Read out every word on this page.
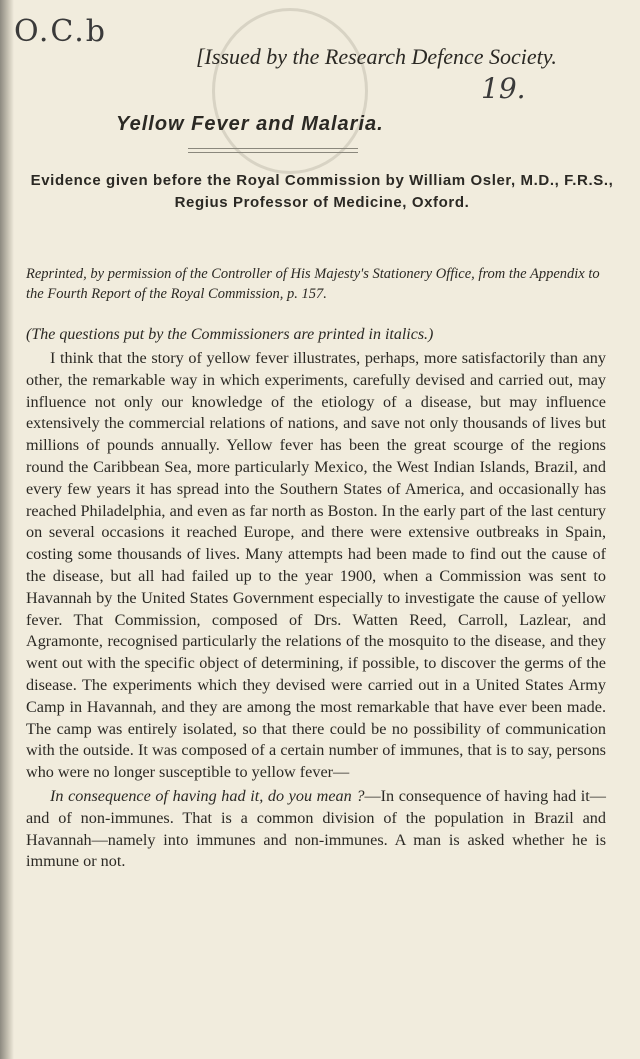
O.C.b
19.
[Issued by the Research Defence Society.
Yellow Fever and Malaria.
Evidence given before the Royal Commission by William Osler, M.D., F.R.S., Regius Professor of Medicine, Oxford.
Reprinted, by permission of the Controller of His Majesty's Stationery Office, from the Appendix to the Fourth Report of the Royal Commission, p. 157.
(The questions put by the Commissioners are printed in italics.)

I think that the story of yellow fever illustrates, perhaps, more satisfactorily than any other, the remarkable way in which experiments, carefully devised and carried out, may influence not only our knowledge of the etiology of a disease, but may influence extensively the commercial relations of nations, and save not only thousands of lives but millions of pounds annually. Yellow fever has been the great scourge of the regions round the Caribbean Sea, more particularly Mexico, the West Indian Islands, Brazil, and every few years it has spread into the Southern States of America, and occasionally has reached Philadelphia, and even as far north as Boston. In the early part of the last century on several occasions it reached Europe, and there were extensive outbreaks in Spain, costing some thousands of lives. Many attempts had been made to find out the cause of the disease, but all had failed up to the year 1900, when a Commission was sent to Havannah by the United States Government especially to investigate the cause of yellow fever. That Commission, composed of Drs. Watten Reed, Carroll, Lazlear, and Agramonte, recognised particularly the relations of the mosquito to the disease, and they went out with the specific object of determining, if possible, to discover the germs of the disease. The experiments which they devised were carried out in a United States Army Camp in Havannah, and they are among the most remarkable that have ever been made. The camp was entirely isolated, so that there could be no possibility of communication with the outside. It was composed of a certain number of immunes, that is to say, persons who were no longer susceptible to yellow fever—

In consequence of having had it, do you mean ?—In consequence of having had it—and of non-immunes. That is a common division of the population in Brazil and Havannah—namely into immunes and non-immunes. A man is asked whether he is immune or not.
